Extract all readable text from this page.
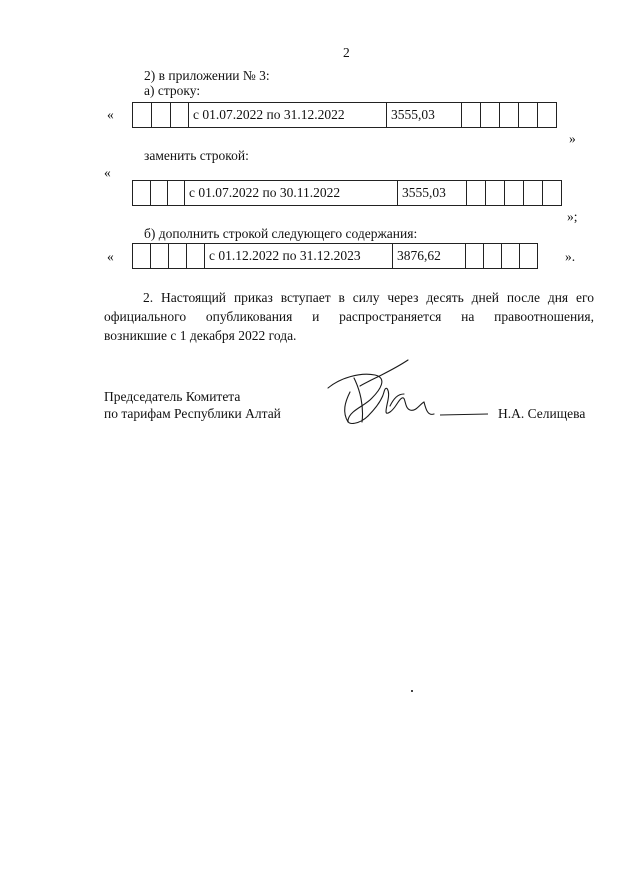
2
2) в приложении № 3:
а) строку:
«
				с 01.07.2022 по 31.12.2022	3555,03					
»
заменить строкой:
«
			с 01.07.2022 по 30.11.2022	3555,03					
»;
б) дополнить строкой следующего содержания:
«
					с 01.12.2022 по 31.12.2023	3876,62					».
2. Настоящий приказ вступает в силу через десять дней после дня его
официального опубликования и распространяется на правоотношения,
возникшие с 1 декабря 2022 года.
Председатель Комитета
по тарифам Республики Алтай	Н.А. Селищева
